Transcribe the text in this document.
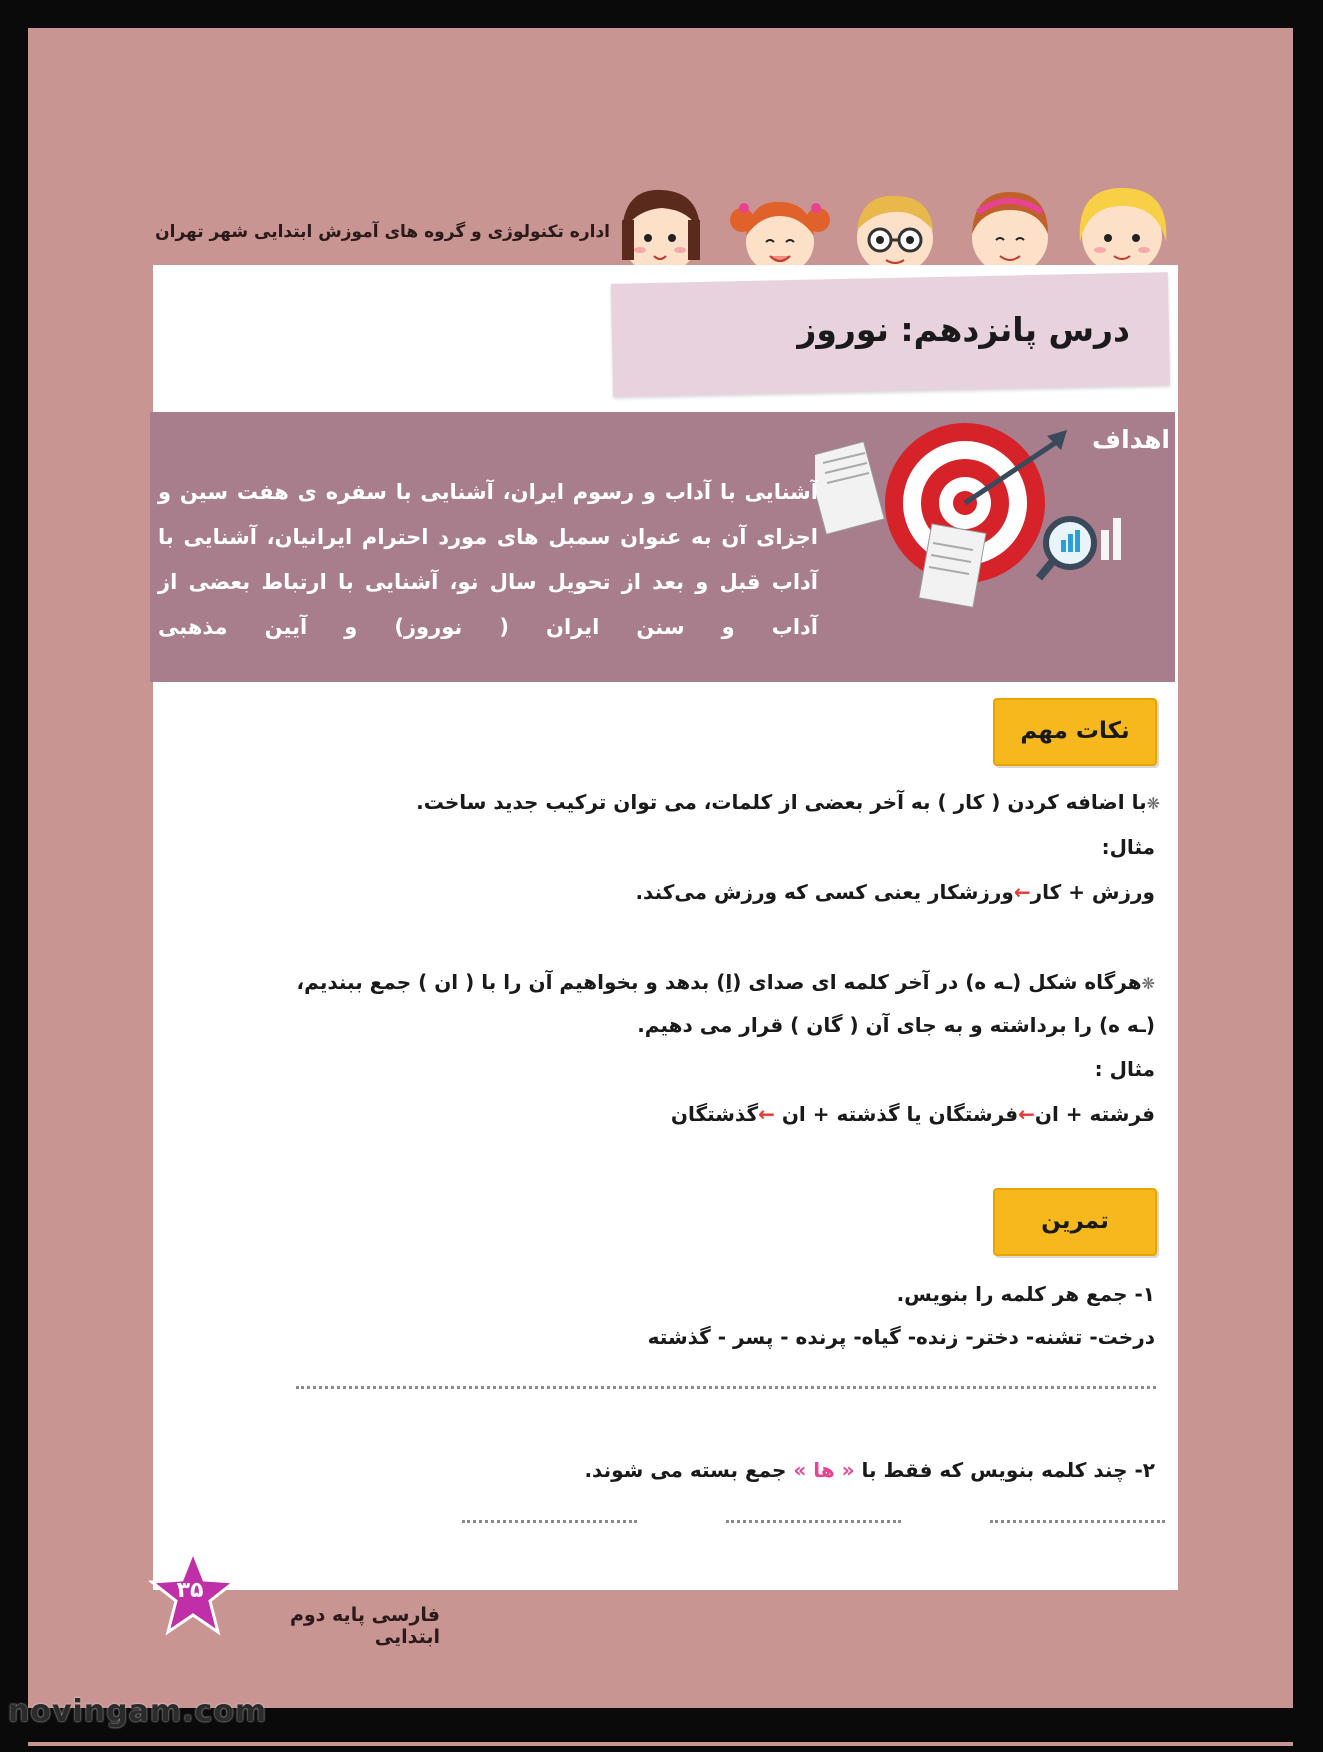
اداره تکنولوژی و گروه های آموزش ابتدایی شهر تهران
درس پانزدهم: نوروز
اهداف
آشنایی با آداب و رسوم ایران، آشنایی با سفره ی هفت سین و اجزای آن به عنوان سمبل های مورد احترام ایرانیان، آشنایی با آداب قبل و بعد از تحویل سال نو، آشنایی با ارتباط بعضی از آداب و سنن ایران ( نوروز) و آیین مذهبی
نکات مهم
❋با اضافه کردن ( کار ) به آخر بعضی از کلمات، می توان ترکیب جدید ساخت.
مثال:
ورزش + کار←ورزشکار یعنی کسی که ورزش می‌کند.
❋هرگاه شکل (ـه ه) در آخر کلمه ای صدای (اِ) بدهد و بخواهیم آن را با ( ان ) جمع ببندیم،
(ـه ه) را برداشته و به جای آن ( گان ) قرار می دهیم.
مثال :
فرشته + ان←فرشتگان یا گذشته + ان ←گذشتگان
تمرین
۱- جمع هر کلمه را بنویس.
درخت- تشنه- دختر- زنده- گیاه- پرنده - پسر - گذشته
۲- چند کلمه بنویس که فقط با « ها » جمع بسته می شوند.
۳۵
فارسی پایه دوم ابتدایی
novingam.com
